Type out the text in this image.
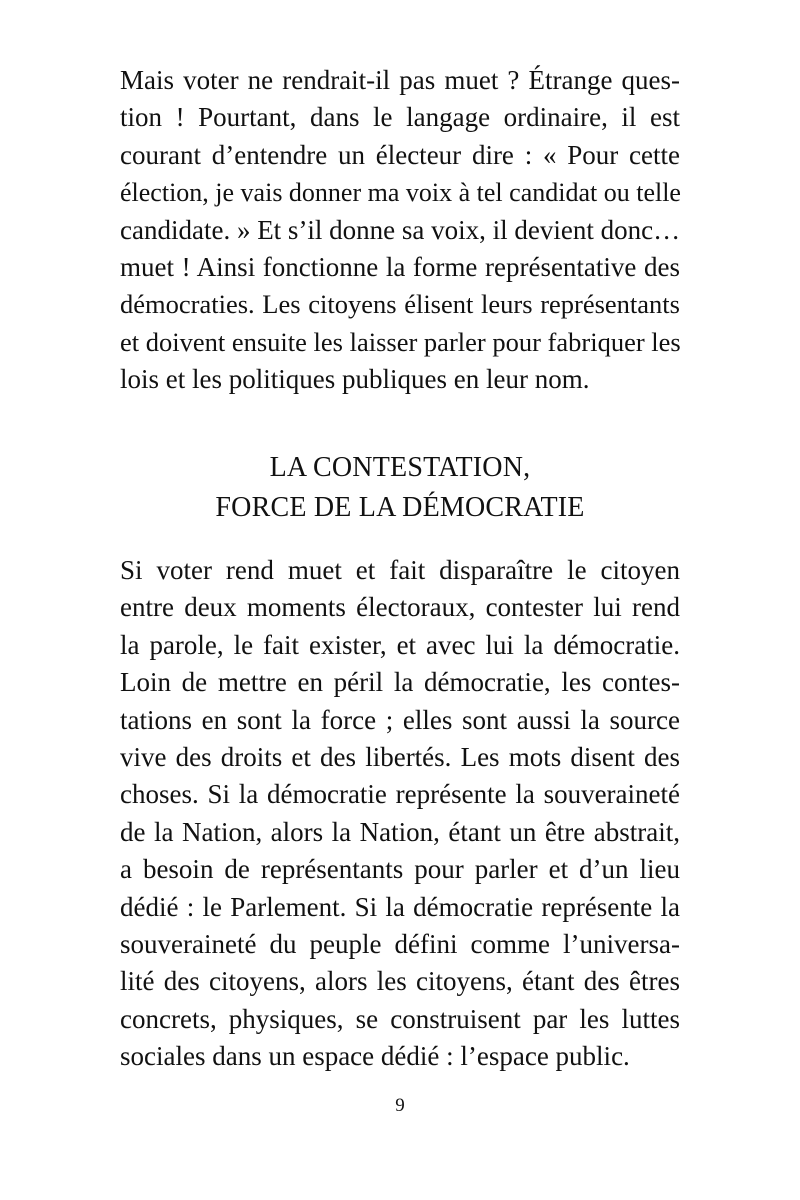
Mais voter ne rendrait-il pas muet ? Étrange ques-
tion ! Pourtant, dans le langage ordinaire, il est
courant d’entendre un électeur dire : « Pour cette
élection, je vais donner ma voix à tel candidat ou telle
candidate. » Et s’il donne sa voix, il devient donc…
muet ! Ainsi fonctionne la forme représentative des
démocraties. Les citoyens élisent leurs représentants
et doivent ensuite les laisser parler pour fabriquer les
lois et les politiques publiques en leur nom.

LA CONTESTATION,
FORCE DE LA DÉMOCRATIE

Si voter rend muet et fait disparaître le citoyen
entre deux moments électoraux, contester lui rend
la parole, le fait exister, et avec lui la démocratie.
Loin de mettre en péril la démocratie, les contes-
tations en sont la force ; elles sont aussi la source
vive des droits et des libertés. Les mots disent des
choses. Si la démocratie représente la souveraineté
de la Nation, alors la Nation, étant un être abstrait,
a besoin de représentants pour parler et d’un lieu
dédié : le Parlement. Si la démocratie représente la
souveraineté du peuple défini comme l’universa-
lité des citoyens, alors les citoyens, étant des êtres
concrets, physiques, se construisent par les luttes
sociales dans un espace dédié : l’espace public.

9
